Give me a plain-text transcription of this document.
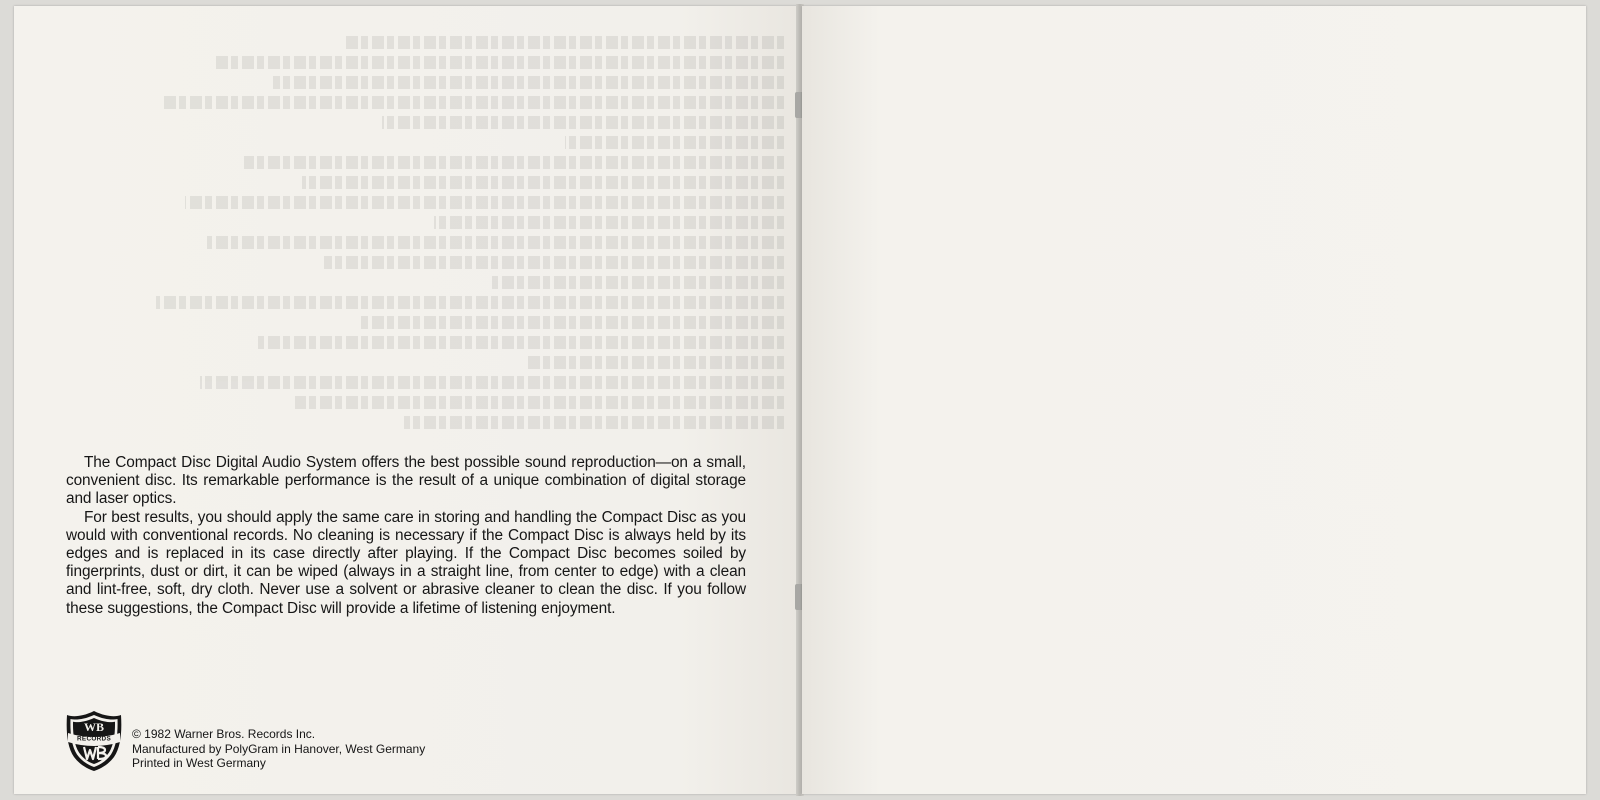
The Compact Disc Digital Audio System offers the best possible sound reproduction—on a small, convenient disc. Its remarkable performance is the result of a unique combination of digital storage and laser optics.

For best results, you should apply the same care in storing and handling the Compact Disc as you would with conventional records. No cleaning is necessary if the Compact Disc is always held by its edges and is replaced in its case directly after playing. If the Compact Disc becomes soiled by fingerprints, dust or dirt, it can be wiped (always in a straight line, from center to edge) with a clean and lint-free, soft, dry cloth. Never use a solvent or abrasive cleaner to clean the disc. If you follow these suggestions, the Compact Disc will provide a lifetime of listening enjoyment.

RECORDS
WB © 1982 Warner Bros. Records Inc.
Manufactured by PolyGram in Hanover, West Germany
Printed in West Germany
